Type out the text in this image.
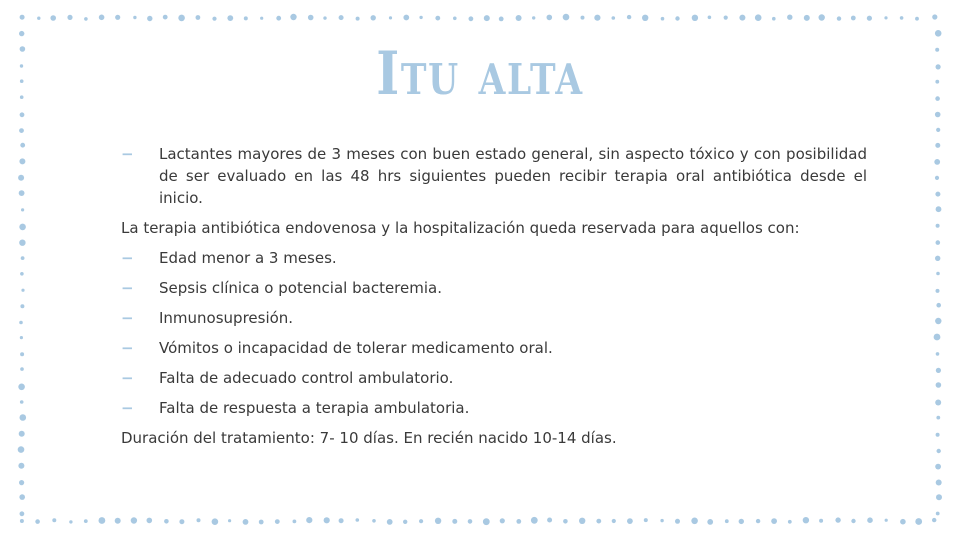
Itu alta
− Lactantes mayores de 3 meses con buen estado general, sin aspecto tóxico y con posibilidad de ser evaluado en las 48 hrs siguientes pueden recibir terapia oral antibiótica desde el inicio.
La terapia antibiótica endovenosa y la hospitalización queda reservada para aquellos con:
− Edad menor a 3 meses.
− Sepsis clínica o potencial bacteremia.
− Inmunosupresión.
− Vómitos o incapacidad de tolerar medicamento oral.
− Falta de adecuado control ambulatorio.
− Falta de respuesta a terapia ambulatoria.
Duración del tratamiento: 7- 10 días. En recién nacido 10-14 días.
